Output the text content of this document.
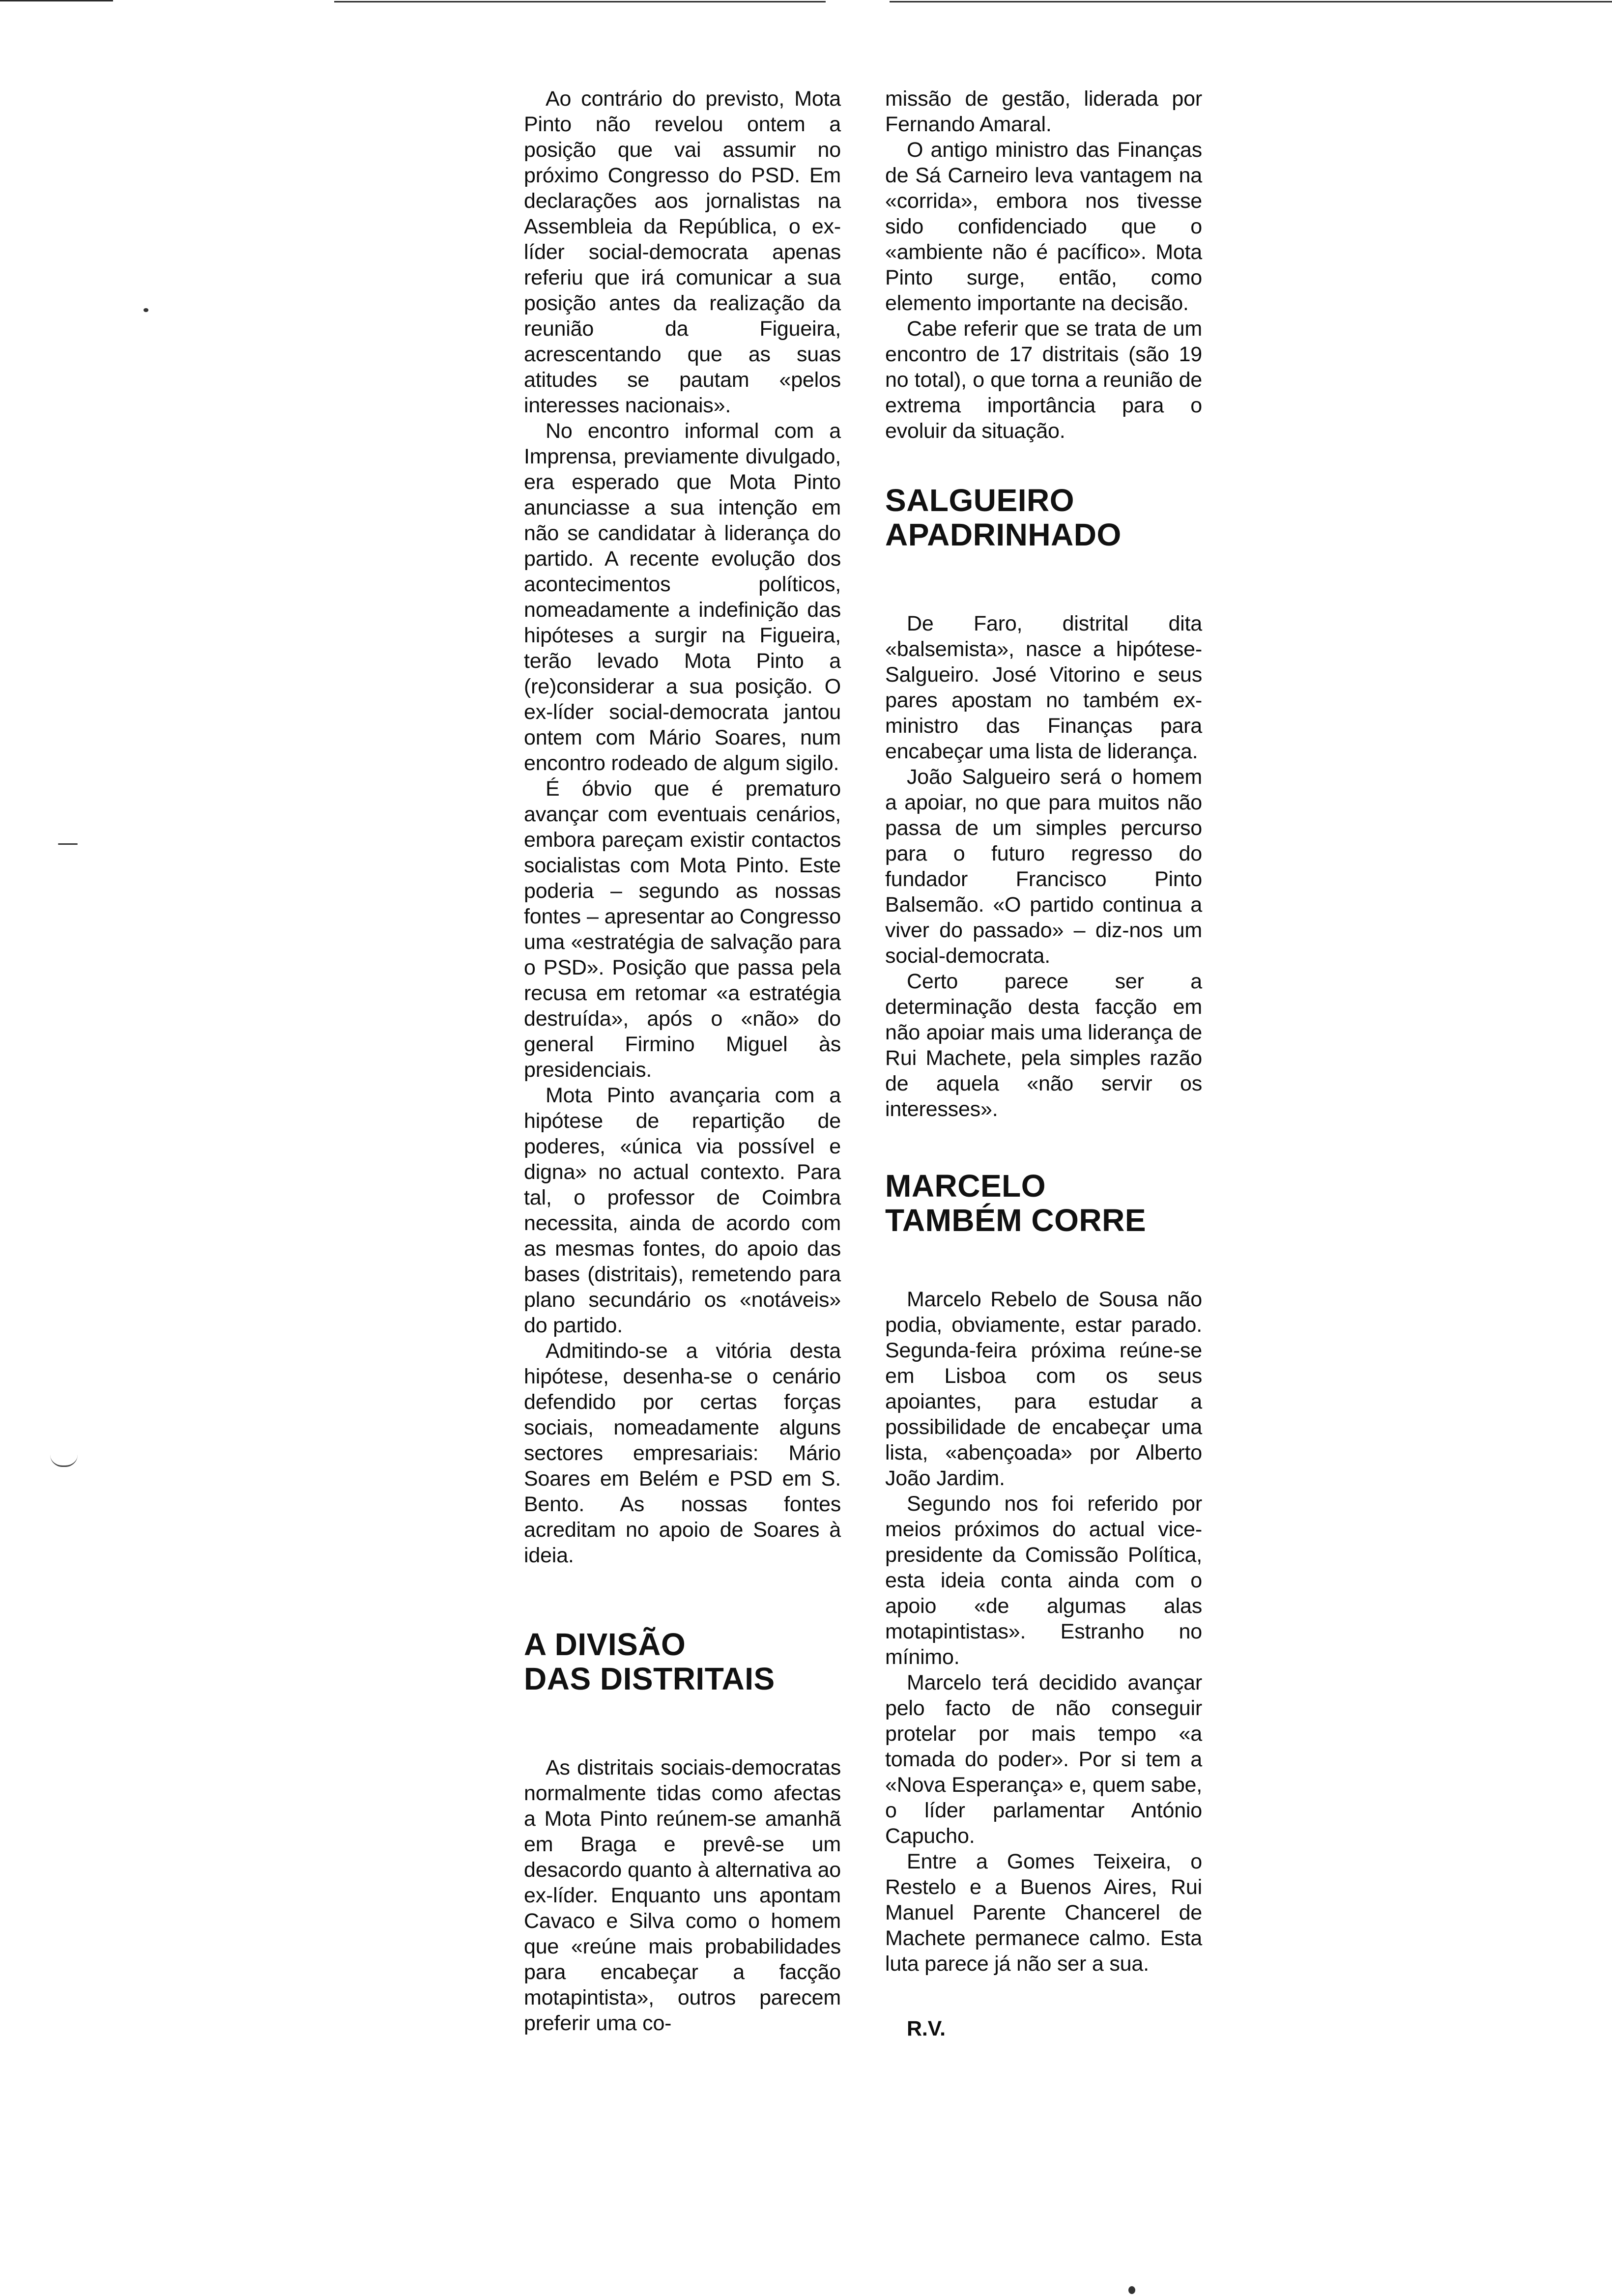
Ao contrário do previsto, Mota Pinto não revelou ontem a posição que vai assumir no próximo Congresso do PSD. Em declarações aos jornalistas na Assembleia da República, o ex-líder social-democrata apenas referiu que irá comunicar a sua posição antes da realização da reunião da Figueira, acrescentando que as suas atitudes se pautam «pelos interesses nacionais».

No encontro informal com a Imprensa, previamente divulgado, era esperado que Mota Pinto anunciasse a sua intenção em não se candidatar à liderança do partido. A recente evolução dos acontecimentos políticos, nomeadamente a indefinição das hipóteses a surgir na Figueira, terão levado Mota Pinto a (re)considerar a sua posição. O ex-líder social-democrata jantou ontem com Mário Soares, num encontro rodeado de algum sigilo.

É óbvio que é prematuro avançar com eventuais cenários, embora pareçam existir contactos socialistas com Mota Pinto. Este poderia – segundo as nossas fontes – apresentar ao Congresso uma «estratégia de salvação para o PSD». Posição que passa pela recusa em retomar «a estratégia destruída», após o «não» do general Firmino Miguel às presidenciais.

Mota Pinto avançaria com a hipótese de repartição de poderes, «única via possível e digna» no actual contexto. Para tal, o professor de Coimbra necessita, ainda de acordo com as mesmas fontes, do apoio das bases (distritais), remetendo para plano secundário os «notáveis» do partido.

Admitindo-se a vitória desta hipótese, desenha-se o cenário defendido por certas forças sociais, nomeadamente alguns sectores empresariais: Mário Soares em Belém e PSD em S. Bento. As nossas fontes acreditam no apoio de Soares à ideia.

A DIVISÃO
DAS DISTRITAIS

As distritais sociais-democratas normalmente tidas como afectas a Mota Pinto reúnem-se amanhã em Braga e prevê-se um desacordo quanto à alternativa ao ex-líder. Enquanto uns apontam Cavaco e Silva como o homem que «reúne mais probabilidades para encabeçar a facção motapintista», outros parecem preferir uma co-

missão de gestão, liderada por Fernando Amaral.

O antigo ministro das Finanças de Sá Carneiro leva vantagem na «corrida», embora nos tivesse sido confidenciado que o «ambiente não é pacífico». Mota Pinto surge, então, como elemento importante na decisão.

Cabe referir que se trata de um encontro de 17 distritais (são 19 no total), o que torna a reunião de extrema importância para o evoluir da situação.

SALGUEIRO
APADRINHADO

De Faro, distrital dita «balsemista», nasce a hipótese-Salgueiro. José Vitorino e seus pares apostam no também ex-ministro das Finanças para encabeçar uma lista de liderança.

João Salgueiro será o homem a apoiar, no que para muitos não passa de um simples percurso para o futuro regresso do fundador Francisco Pinto Balsemão. «O partido continua a viver do passado» – diz-nos um social-democrata.

Certo parece ser a determinação desta facção em não apoiar mais uma liderança de Rui Machete, pela simples razão de aquela «não servir os interesses».

MARCELO
TAMBÉM CORRE

Marcelo Rebelo de Sousa não podia, obviamente, estar parado. Segunda-feira próxima reúne-se em Lisboa com os seus apoiantes, para estudar a possibilidade de encabeçar uma lista, «abençoada» por Alberto João Jardim.

Segundo nos foi referido por meios próximos do actual vice-presidente da Comissão Política, esta ideia conta ainda com o apoio «de algumas alas motapintistas». Estranho no mínimo.

Marcelo terá decidido avançar pelo facto de não conseguir protelar por mais tempo «a tomada do poder». Por si tem a «Nova Esperança» e, quem sabe, o líder parlamentar António Capucho.

Entre a Gomes Teixeira, o Restelo e a Buenos Aires, Rui Manuel Parente Chancerel de Machete permanece calmo. Esta luta parece já não ser a sua.

R.V.
